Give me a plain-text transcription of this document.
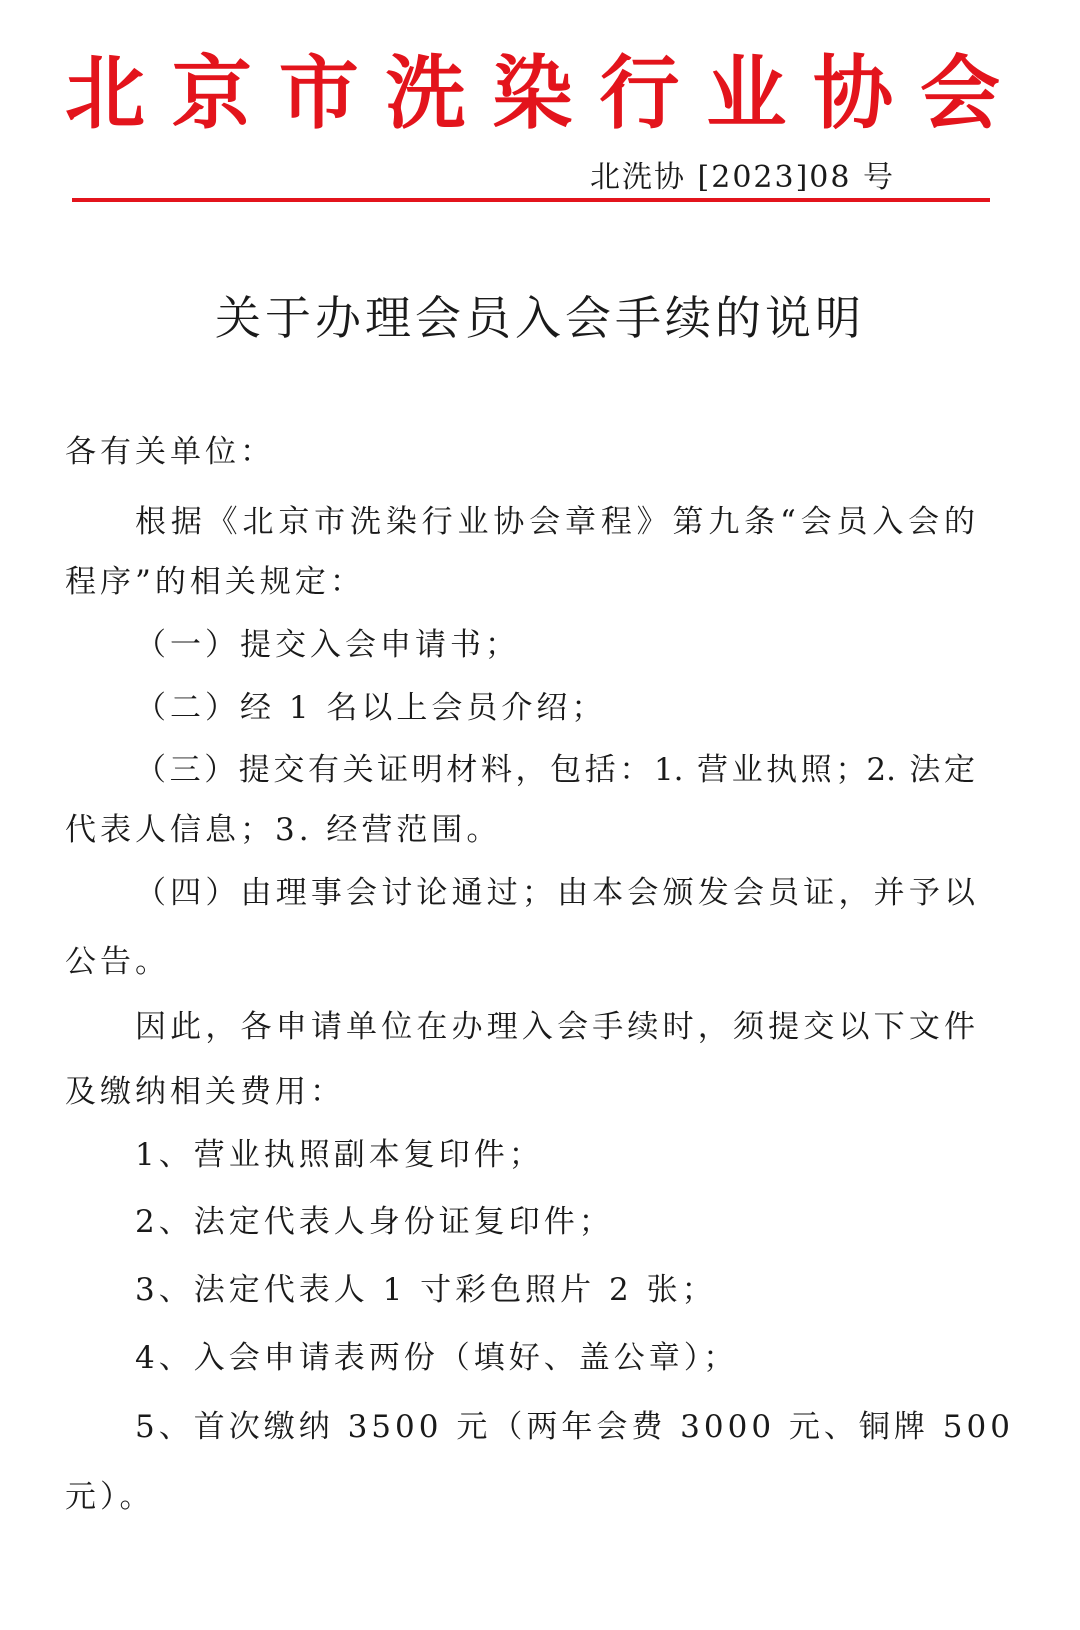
北京市洗染行业协会
北洗协 [2023]08 号
关于办理会员入会手续的说明
各有关单位：
根据《北京市洗染行业协会章程》第九条“会员入会的
程序”的相关规定：
（一）提交入会申请书；
（二）经 1 名以上会员介绍；
（三）提交有关证明材料，包括：1. 营业执照；2. 法定
代表人信息；3. 经营范围。
（四）由理事会讨论通过；由本会颁发会员证，并予以
公告。
因此，各申请单位在办理入会手续时，须提交以下文件
及缴纳相关费用：
1、营业执照副本复印件；
2、法定代表人身份证复印件；
3、法定代表人 1 寸彩色照片 2 张；
4、入会申请表两份（填好、盖公章）；
5、首次缴纳 3500 元（两年会费 3000 元、铜牌 500
元）。
